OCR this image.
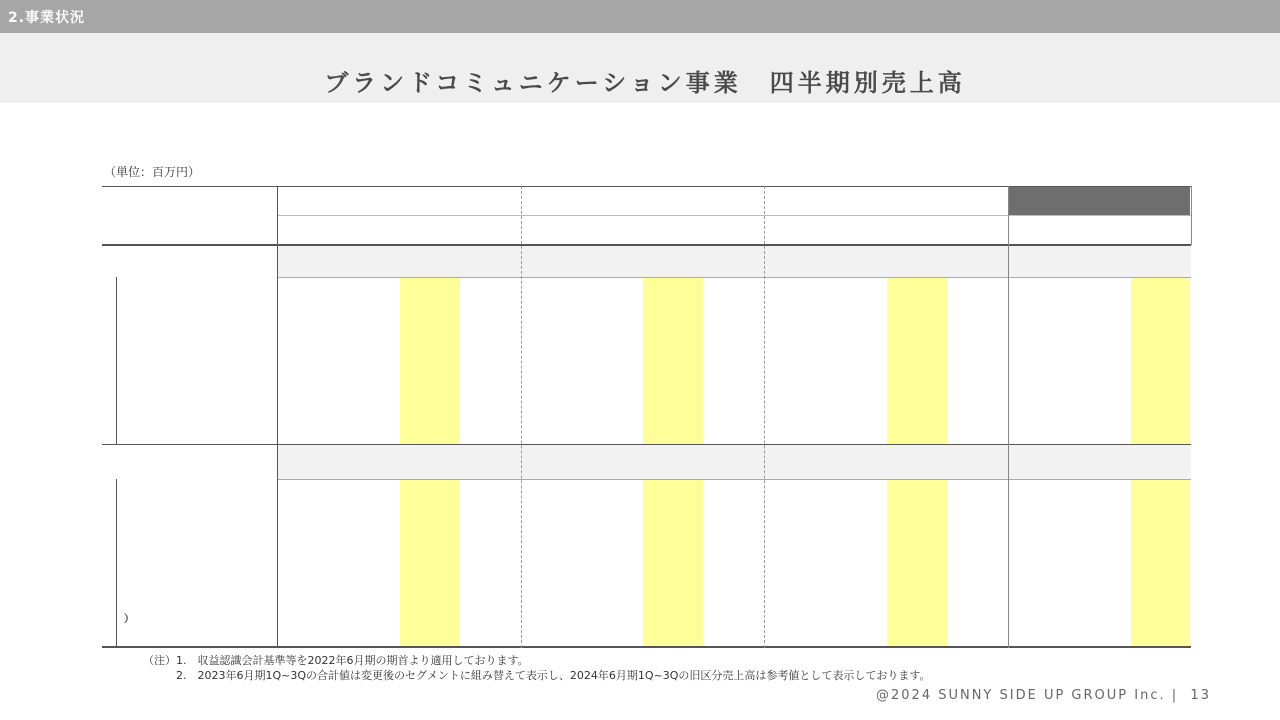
2.事業状況
ブランドコミュニケーション事業　四半期別売上高
（単位：百万円）
（注）1.　収益認識会計基準等を2022年6月期の期首より適用しております。
　　　2.　2023年6月期1Q~3Qの合計値は変更後のセグメントに組み替えて表示し、2024年6月期1Q~3Qの旧区分売上高は参考値として表示しております。
@2024 SUNNY SIDE UP GROUP Inc. | 13
）
